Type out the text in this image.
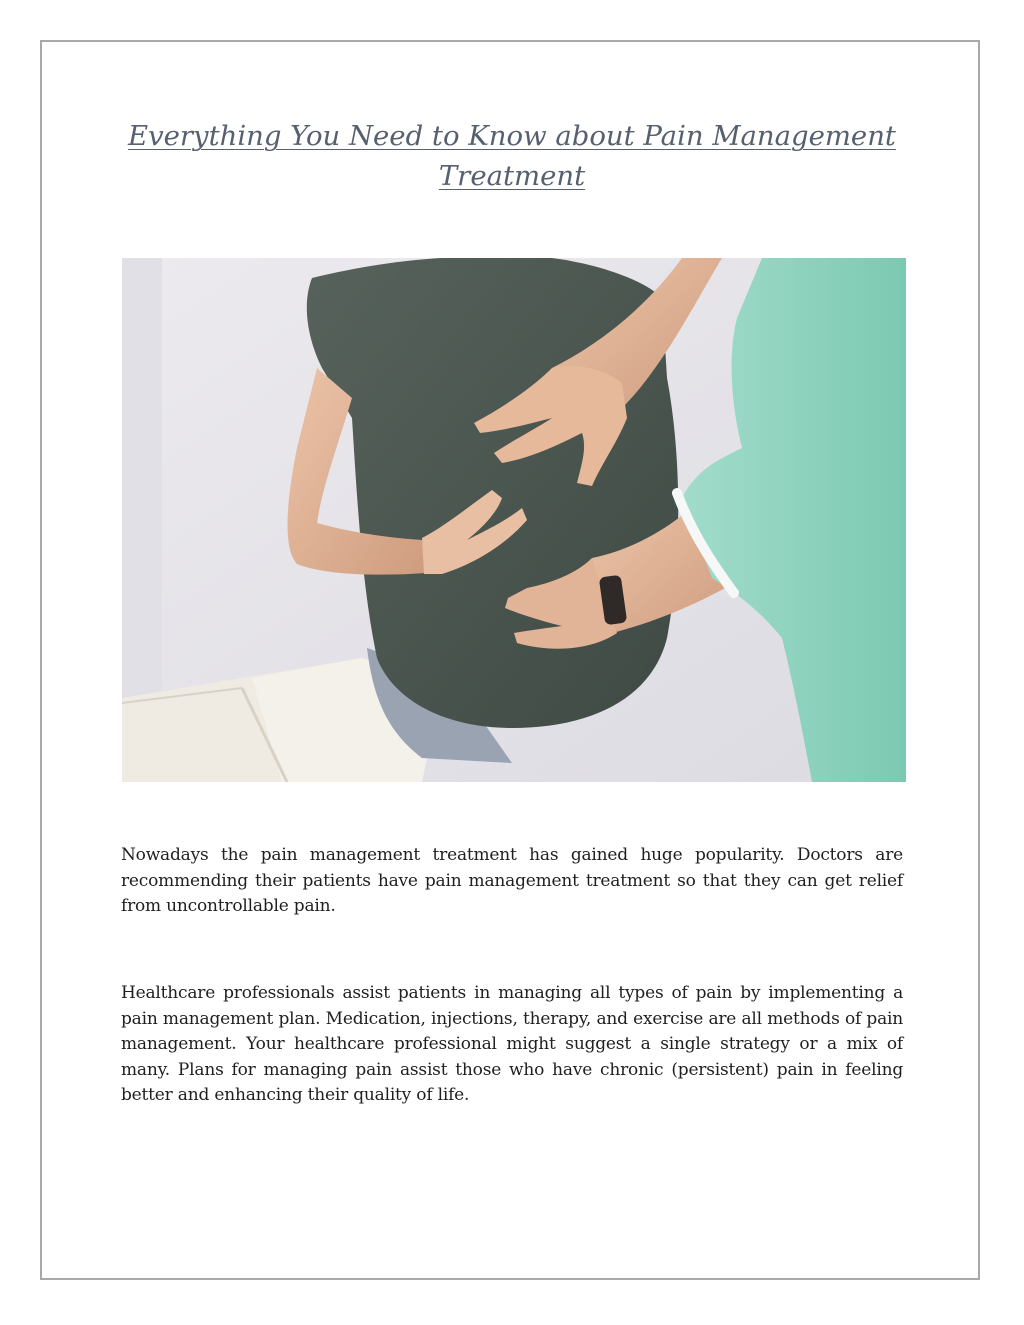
Everything You Need to Know about Pain Management Treatment

Nowadays the pain management treatment has gained huge popularity. Doctors are recommending their patients have pain management treatment so that they can get relief from uncontrollable pain.

Healthcare professionals assist patients in managing all types of pain by implementing a pain management plan. Medication, injections, therapy, and exercise are all methods of pain management. Your healthcare professional might suggest a single strategy or a mix of many. Plans for managing pain assist those who have chronic (persistent) pain in feeling better and enhancing their quality of life.
